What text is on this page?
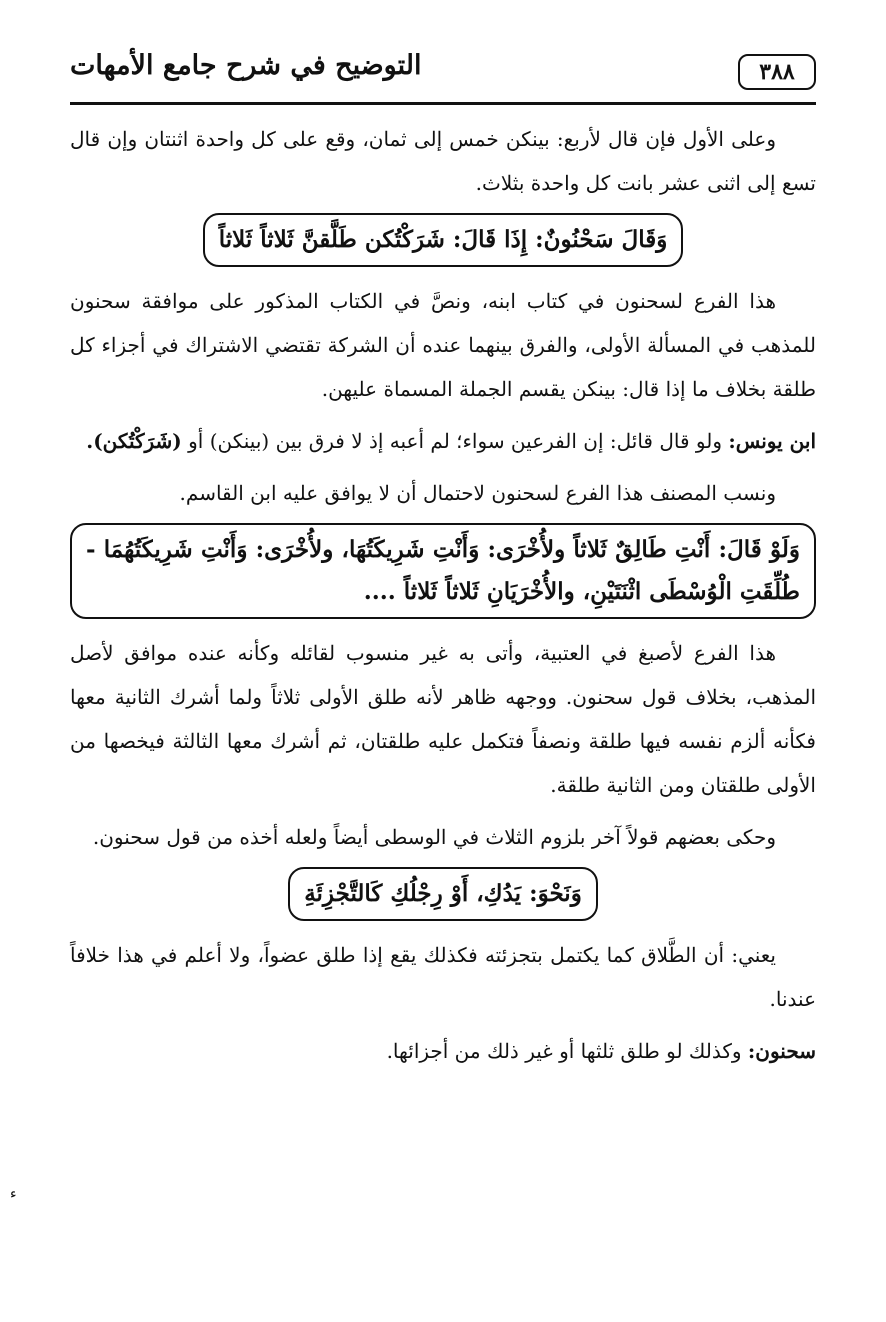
٣٨٨
التوضيح في شرح جامع الأمهات

وعلى الأول فإن قال لأربع: بينكن خمس إلى ثمان، وقع على كل واحدة اثنتان وإن قال تسع إلى اثنى عشر بانت كل واحدة بثلاث.

وَقَالَ سَحْنُونٌ: إِذَا قَالَ: شَرَكْتُكن طَلَّقنَّ ثَلاثاً ثَلاثاً

هذا الفرع لسحنون في كتاب ابنه، ونصَّ في الكتاب المذكور على موافقة سحنون للمذهب في المسألة الأولى، والفرق بينهما عنده أن الشركة تقتضي الاشتراك في أجزاء كل طلقة بخلاف ما إذا قال: بينكن يقسم الجملة المسماة عليهن.

ابن يونس: ولو قال قائل: إن الفرعين سواء؛ لم أعبه إذ لا فرق بين (بينكن) أو (شَرَكْتُكن).

ونسب المصنف هذا الفرع لسحنون لاحتمال أن لا يوافق عليه ابن القاسم.

وَلَوْ قَالَ: أَنْتِ طَالِقٌ ثَلاثاً ولأُخْرَى: وَأَنْتِ شَرِيكَتُهَا، ولأُخْرَى: وَأَنْتِ شَرِيكَتُهُمَا - طُلِّقَتِ الْوُسْطَى اثْنَتَيْنِ، والأُخْرَيَانِ ثَلاثاً ثَلاثاً ....

هذا الفرع لأصبغ في العتبية، وأتى به غير منسوب لقائله وكأنه عنده موافق لأصل المذهب، بخلاف قول سحنون. ووجهه ظاهر لأنه طلق الأولى ثلاثاً ولما أشرك الثانية معها فكأنه ألزم نفسه فيها طلقة ونصفاً فتكمل عليه طلقتان، ثم أشرك معها الثالثة فيخصها من الأولى طلقتان ومن الثانية طلقة.

وحكى بعضهم قولاً آخر بلزوم الثلاث في الوسطى أيضاً ولعله أخذه من قول سحنون.

وَنَحْوَ: يَدُكِ، أَوْ رِجْلُكِ كَالتَّجْزِئَةِ

يعني: أن الطَّلاق كما يكتمل بتجزئته فكذلك يقع إذا طلق عضواً، ولا أعلم في هذا خلافاً عندنا.

سحنون: وكذلك لو طلق ثلثها أو غير ذلك من أجزائها.

ء
